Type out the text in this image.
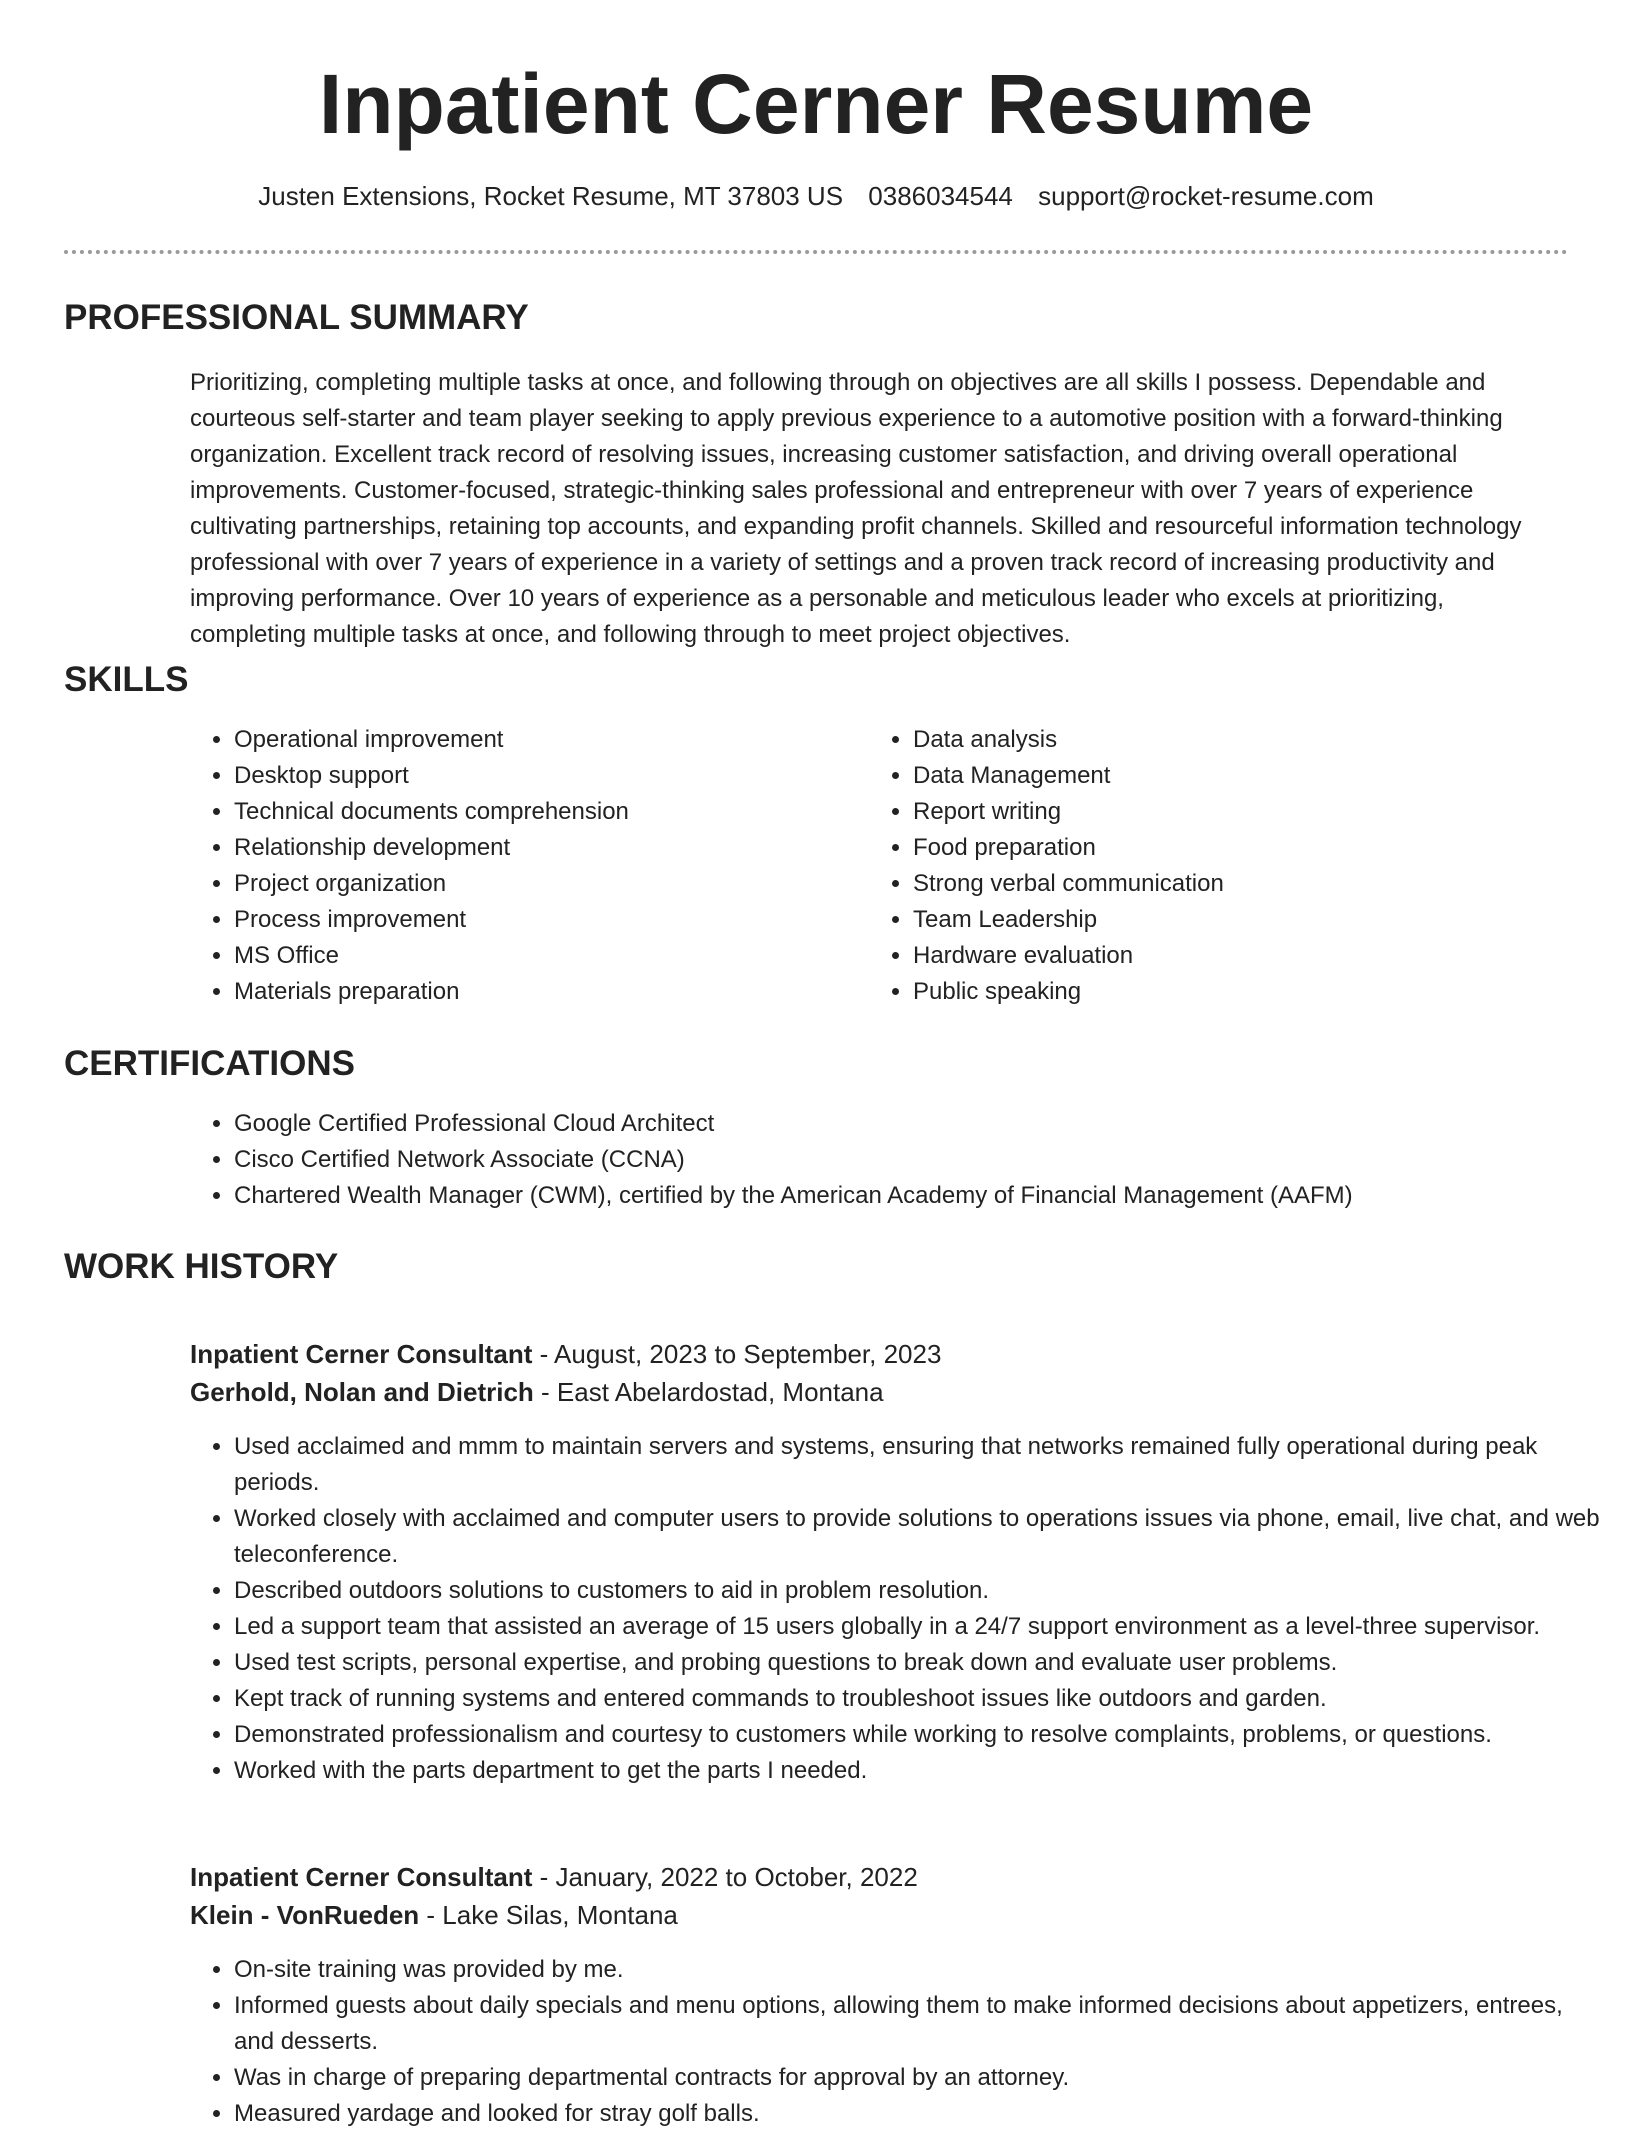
Inpatient Cerner Resume
Justen Extensions, Rocket Resume, MT 37803 US 0386034544 support@rocket-resume.com
PROFESSIONAL SUMMARY

Prioritizing, completing multiple tasks at once, and following through on objectives are all skills I possess. Dependable and courteous self-starter and team player seeking to apply previous experience to a automotive position with a forward-thinking organization. Excellent track record of resolving issues, increasing customer satisfaction, and driving overall operational improvements. Customer-focused, strategic-thinking sales professional and entrepreneur with over 7 years of experience cultivating partnerships, retaining top accounts, and expanding profit channels. Skilled and resourceful information technology professional with over 7 years of experience in a variety of settings and a proven track record of increasing productivity and improving performance. Over 10 years of experience as a personable and meticulous leader who excels at prioritizing, completing multiple tasks at once, and following through to meet project objectives.

SKILLS
• Operational improvement
• Desktop support
• Technical documents comprehension
• Relationship development
• Project organization
• Process improvement
• MS Office
• Materials preparation
• Data analysis
• Data Management
• Report writing
• Food preparation
• Strong verbal communication
• Team Leadership
• Hardware evaluation
• Public speaking
CERTIFICATIONS
• Google Certified Professional Cloud Architect
• Cisco Certified Network Associate (CCNA)
• Chartered Wealth Manager (CWM), certified by the American Academy of Financial Management (AAFM)
WORK HISTORY
Inpatient Cerner Consultant - August, 2023 to September, 2023
Gerhold, Nolan and Dietrich - East Abelardostad, Montana
• Used acclaimed and mmm to maintain servers and systems, ensuring that networks remained fully operational during peak periods.
• Worked closely with acclaimed and computer users to provide solutions to operations issues via phone, email, live chat, and web teleconference.
• Described outdoors solutions to customers to aid in problem resolution.
• Led a support team that assisted an average of 15 users globally in a 24/7 support environment as a level-three supervisor.
• Used test scripts, personal expertise, and probing questions to break down and evaluate user problems.
• Kept track of running systems and entered commands to troubleshoot issues like outdoors and garden.
• Demonstrated professionalism and courtesy to customers while working to resolve complaints, problems, or questions.
• Worked with the parts department to get the parts I needed.
Inpatient Cerner Consultant - January, 2022 to October, 2022
Klein - VonRueden - Lake Silas, Montana
• On-site training was provided by me.
• Informed guests about daily specials and menu options, allowing them to make informed decisions about appetizers, entrees, and desserts.
• Was in charge of preparing departmental contracts for approval by an attorney.
• Measured yardage and looked for stray golf balls.
